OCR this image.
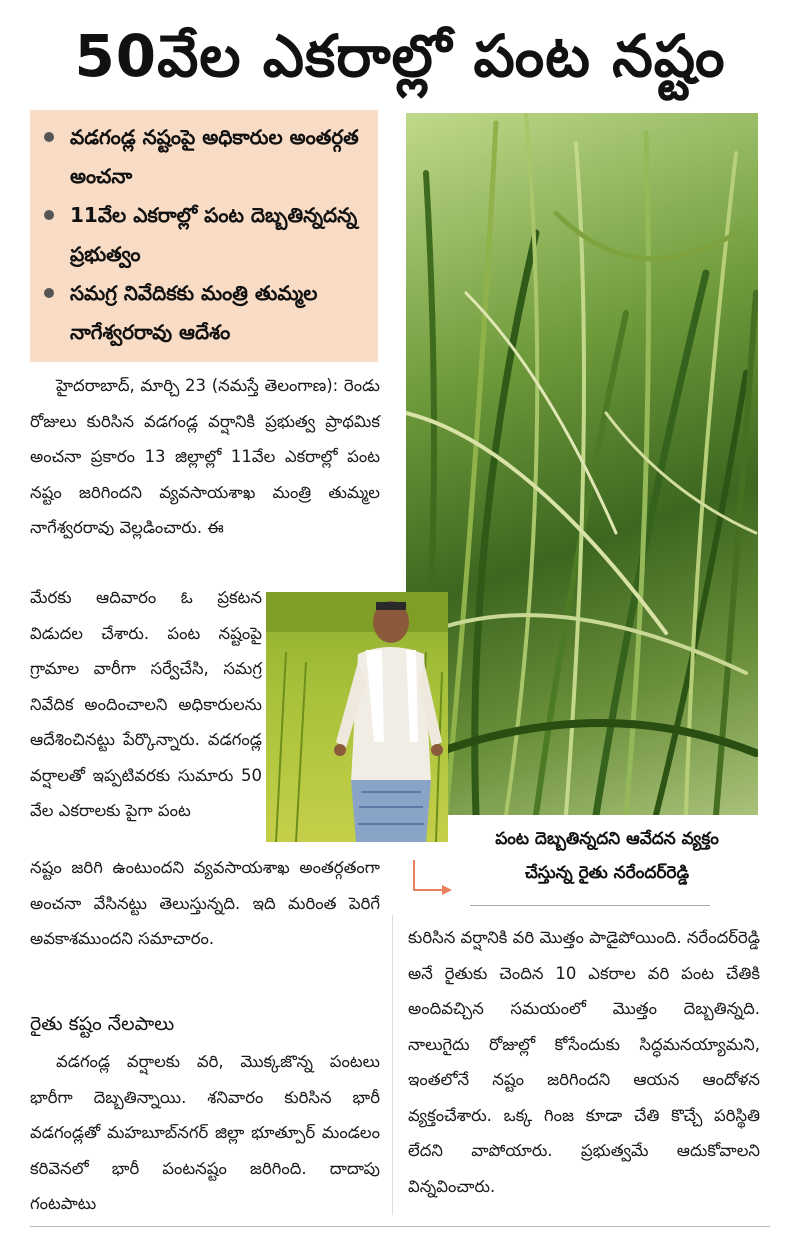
50వేల ఎకరాల్లో పంట నష్టం
వడగండ్ల నష్టంపై అధికారుల అంతర్గత అంచనా
11వేల ఎకరాల్లో పంట దెబ్బతిన్నదన్న ప్రభుత్వం
సమగ్ర నివేదికకు మంత్రి తుమ్మల నాగేశ్వరరావు ఆదేశం
పంట దెబ్బతిన్నదని ఆవేదన వ్యక్తం
చేస్తున్న రైతు నరేందర్‌రెడ్డి

హైదరాబాద్, మార్చి 23 (నమస్తే తెలంగాణ): రెండు రోజులు కురిసిన వడగండ్ల వర్షానికి ప్రభుత్వ ప్రాథమిక అంచనా ప్రకారం 13 జిల్లాల్లో 11వేల ఎకరాల్లో పంట నష్టం జరిగిందని వ్యవసాయశాఖ మంత్రి తుమ్మల నాగేశ్వరరావు వెల్లడించారు. ఈ

మేరకు ఆదివారం ఓ ప్రకటన విడుదల చేశారు. పంట నష్టంపై గ్రామాల వారీగా సర్వేచేసి, సమగ్ర నివేదిక అందించాలని అధికారులను ఆదేశించినట్టు పేర్కొన్నారు. వడగండ్ల వర్షాలతో ఇప్పటివరకు సుమారు 50 వేల ఎకరాలకు పైగా పంట

నష్టం జరిగి ఉంటుందని వ్యవసాయశాఖ అంతర్గతంగా అంచనా వేసినట్టు తెలుస్తున్నది. ఇది మరింత పెరిగే అవకాశముందని సమాచారం.

రైతు కష్టం నేలపాలు

వడగండ్ల వర్షాలకు వరి, మొక్కజొన్న పంటలు భారీగా దెబ్బతిన్నాయి. శనివారం కురిసిన భారీ వడగండ్లతో మహబూబ్‌నగర్ జిల్లా భూత్పూర్ మండలం కరివెనలో భారీ పంటనష్టం జరిగింది. దాదాపు గంటపాటు

కురిసిన వర్షానికి వరి మొత్తం పాడైపోయింది. నరేందర్‌రెడ్డి అనే రైతుకు చెందిన 10 ఎకరాల వరి పంట చేతికి అందివచ్చిన సమయంలో మొత్తం దెబ్బతిన్నది. నాలుగైదు రోజుల్లో కోసేందుకు సిద్ధమనయ్యామని, ఇంతలోనే నష్టం జరిగిందని ఆయన ఆందోళన వ్యక్తంచేశారు. ఒక్క గింజ కూడా చేతి కొచ్చే పరిస్థితి లేదని వాపోయారు. ప్రభుత్వమే ఆదుకోవాలని విన్నవించారు.
